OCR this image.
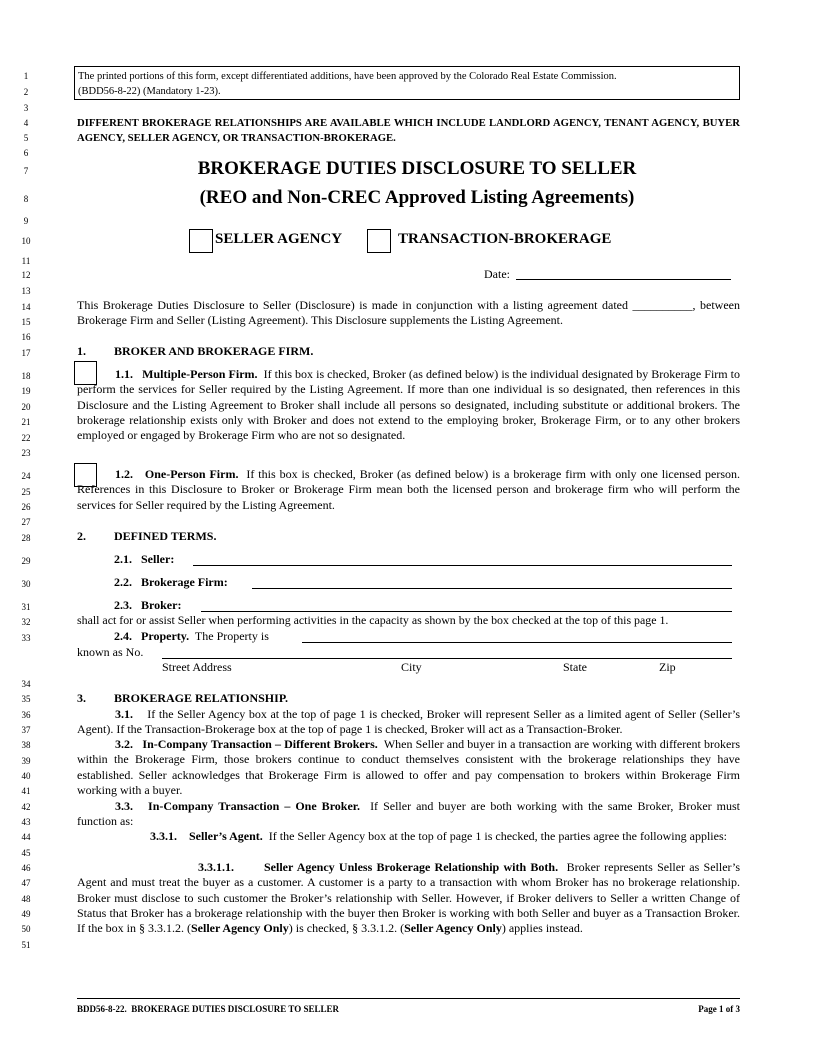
1
2
3
4
5
6
7
8
9
10
11
12
13
14
15
16
17
18
19
20
21
22
23
24
25
26
27
28
29
30
31
32
33
34
35
36
37
38
39
40
41
42
43
44
45
46
47
48
49
50
51
The printed portions of this form, except differentiated additions, have been approved by the Colorado Real Estate Commission.
(BDD56-8-22) (Mandatory 1-23).
DIFFERENT BROKERAGE RELATIONSHIPS ARE AVAILABLE WHICH INCLUDE LANDLORD AGENCY, TENANT AGENCY, BUYER AGENCY, SELLER AGENCY, OR TRANSACTION-BROKERAGE.
BROKERAGE DUTIES DISCLOSURE TO SELLER
(REO and Non-CREC Approved Listing Agreements)
SELLER AGENCY	TRANSACTION-BROKERAGE
Date:
This Brokerage Duties Disclosure to Seller (Disclosure) is made in conjunction with a listing agreement dated __________, between Brokerage Firm and Seller (Listing Agreement). This Disclosure supplements the Listing Agreement.
1. BROKER AND BROKERAGE FIRM.
1.1. Multiple-Person Firm. If this box is checked, Broker (as defined below) is the individual designated by Brokerage Firm to perform the services for Seller required by the Listing Agreement. If more than one individual is so designated, then references in this Disclosure and the Listing Agreement to Broker shall include all persons so designated, including substitute or additional brokers. The brokerage relationship exists only with Broker and does not extend to the employing broker, Brokerage Firm, or to any other brokers employed or engaged by Brokerage Firm who are not so designated.
1.2. One-Person Firm. If this box is checked, Broker (as defined below) is a brokerage firm with only one licensed person. References in this Disclosure to Broker or Brokerage Firm mean both the licensed person and brokerage firm who will perform the services for Seller required by the Listing Agreement.
2. DEFINED TERMS.
2.1.   Seller:
2.2.   Brokerage Firm:
2.3.   Broker:
shall act for or assist Seller when performing activities in the capacity as shown by the box checked at the top of this page 1.
2.4. Property. The Property is
known as No.
Street Address	City	State	Zip
3. BROKERAGE RELATIONSHIP.
3.1. If the Seller Agency box at the top of page 1 is checked, Broker will represent Seller as a limited agent of Seller (Seller’s Agent). If the Transaction-Brokerage box at the top of page 1 is checked, Broker will act as a Transaction-Broker.
3.2. In-Company Transaction – Different Brokers. When Seller and buyer in a transaction are working with different brokers within the Brokerage Firm, those brokers continue to conduct themselves consistent with the brokerage relationships they have established. Seller acknowledges that Brokerage Firm is allowed to offer and pay compensation to brokers within Brokerage Firm working with a buyer.
3.3. In-Company Transaction – One Broker. If Seller and buyer are both working with the same Broker, Broker must function as:
3.3.1. Seller’s Agent. If the Seller Agency box at the top of page 1 is checked, the parties agree the following applies:
3.3.1.1.	Seller Agency Unless Brokerage Relationship with Both. Broker represents Seller as Seller’s Agent and must treat the buyer as a customer. A customer is a party to a transaction with whom Broker has no brokerage relationship. Broker must disclose to such customer the Broker’s relationship with Seller. However, if Broker delivers to Seller a written Change of Status that Broker has a brokerage relationship with the buyer then Broker is working with both Seller and buyer as a Transaction Broker. If the box in § 3.3.1.2. (Seller Agency Only) is checked, § 3.3.1.2. (Seller Agency Only) applies instead.
BDD56-8-22.  BROKERAGE DUTIES DISCLOSURE TO SELLER	Page 1 of 3
